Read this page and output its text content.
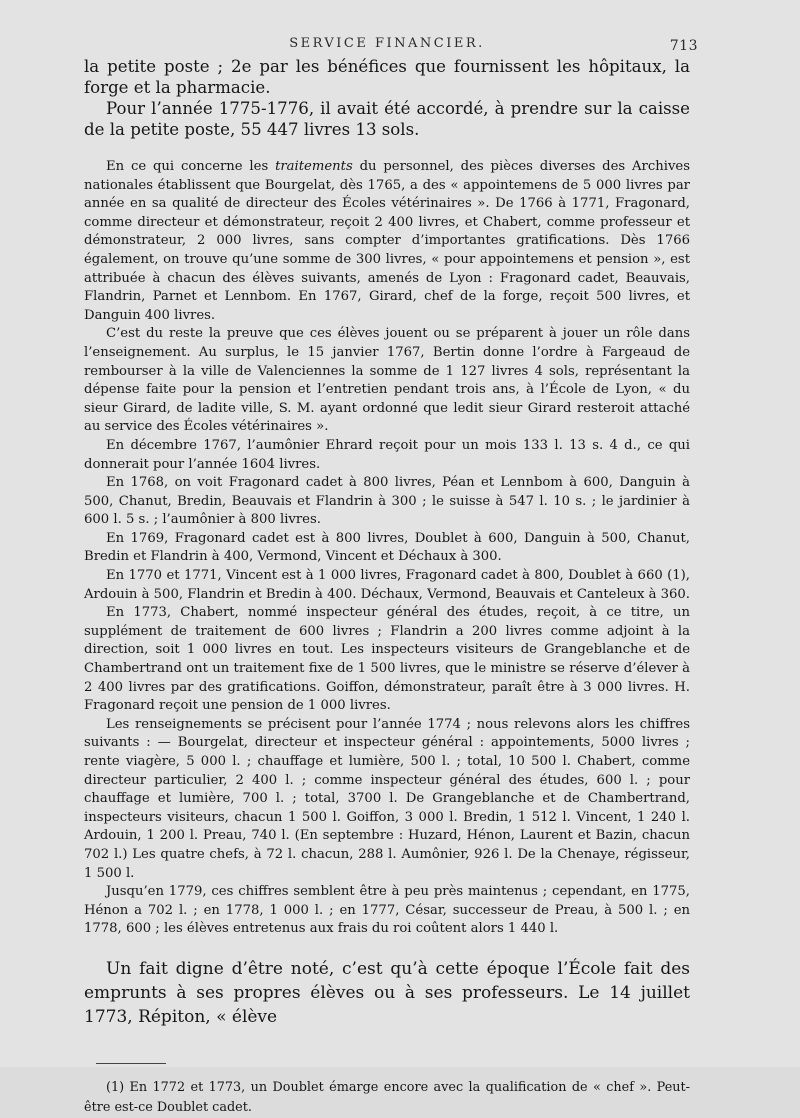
SERVICE FINANCIER.	713

la petite poste ; 2e par les bénéfices que fournissent les hôpitaux, la forge et la pharmacie.

Pour l’année 1775-1776, il avait été accordé, à prendre sur la caisse de la petite poste, 55 447 livres 13 sols.

En ce qui concerne les traitements du personnel, des pièces diverses des Archives nationales établissent que Bourgelat, dès 1765, a des « appointemens de 5 000 livres par année en sa qualité de directeur des Écoles vétérinaires ». De 1766 à 1771, Fragonard, comme directeur et démonstrateur, reçoit 2 400 livres, et Chabert, comme professeur et démonstrateur, 2 000 livres, sans compter d’importantes gratifications. Dès 1766 également, on trouve qu’une somme de 300 livres, « pour appointemens et pension », est attribuée à chacun des élèves suivants, amenés de Lyon : Fragonard cadet, Beauvais, Flandrin, Parnet et Lennbom. En 1767, Girard, chef de la forge, reçoit 500 livres, et Danguin 400 livres.

C’est du reste la preuve que ces élèves jouent ou se préparent à jouer un rôle dans l’enseignement. Au surplus, le 15 janvier 1767, Bertin donne l’ordre à Fargeaud de rembourser à la ville de Valenciennes la somme de 1 127 livres 4 sols, représentant la dépense faite pour la pension et l’entretien pendant trois ans, à l’École de Lyon, « du sieur Girard, de ladite ville, S. M. ayant ordonné que ledit sieur Girard resteroit attaché au service des Écoles vétérinaires ».

En décembre 1767, l’aumônier Ehrard reçoit pour un mois 133 l. 13 s. 4 d., ce qui donnerait pour l’année 1604 livres.

En 1768, on voit Fragonard cadet à 800 livres, Péan et Lennbom à 600, Danguin à 500, Chanut, Bredin, Beauvais et Flandrin à 300 ; le suisse à 547 l. 10 s. ; le jardinier à 600 l. 5 s. ; l’aumônier à 800 livres.

En 1769, Fragonard cadet est à 800 livres, Doublet à 600, Danguin à 500, Chanut, Bredin et Flandrin à 400, Vermond, Vincent et Déchaux à 300.

En 1770 et 1771, Vincent est à 1 000 livres, Fragonard cadet à 800, Doublet à 660 (1), Ardouin à 500, Flandrin et Bredin à 400. Déchaux, Vermond, Beauvais et Canteleux à 360.

En 1773, Chabert, nommé inspecteur général des études, reçoit, à ce titre, un supplément de traitement de 600 livres ; Flandrin a 200 livres comme adjoint à la direction, soit 1 000 livres en tout. Les inspecteurs visiteurs de Grangeblanche et de Chambertrand ont un traitement fixe de 1 500 livres, que le ministre se réserve d’élever à 2 400 livres par des gratifications. Goiffon, démonstrateur, paraît être à 3 000 livres. H. Fragonard reçoit une pension de 1 000 livres.

Les renseignements se précisent pour l’année 1774 ; nous relevons alors les chiffres suivants : — Bourgelat, directeur et inspecteur général : appointements, 5000 livres ; rente viagère, 5 000 l. ; chauffage et lumière, 500 l. ; total, 10 500 l. Chabert, comme directeur particulier, 2 400 l. ; comme inspecteur général des études, 600 l. ; pour chauffage et lumière, 700 l. ; total, 3700 l. De Grangeblanche et de Chambertrand, inspecteurs visiteurs, chacun 1 500 l. Goiffon, 3 000 l. Bredin, 1 512 l. Vincent, 1 240 l. Ardouin, 1 200 l. Preau, 740 l. (En septembre : Huzard, Hénon, Laurent et Bazin, chacun 702 l.) Les quatre chefs, à 72 l. chacun, 288 l. Aumônier, 926 l. De la Chenaye, régisseur, 1 500 l.

Jusqu’en 1779, ces chiffres semblent être à peu près maintenus ; cependant, en 1775, Hénon a 702 l. ; en 1778, 1 000 l. ; en 1777, César, successeur de Preau, à 500 l. ; en 1778, 600 ; les élèves entretenus aux frais du roi coûtent alors 1 440 l.

Un fait digne d’être noté, c’est qu’à cette époque l’École fait des emprunts à ses propres élèves ou à ses professeurs. Le 14 juillet 1773, Répiton, « élève

(1) En 1772 et 1773, un Doublet émarge encore avec la qualification de « chef ». Peut-être est-ce Doublet cadet.
